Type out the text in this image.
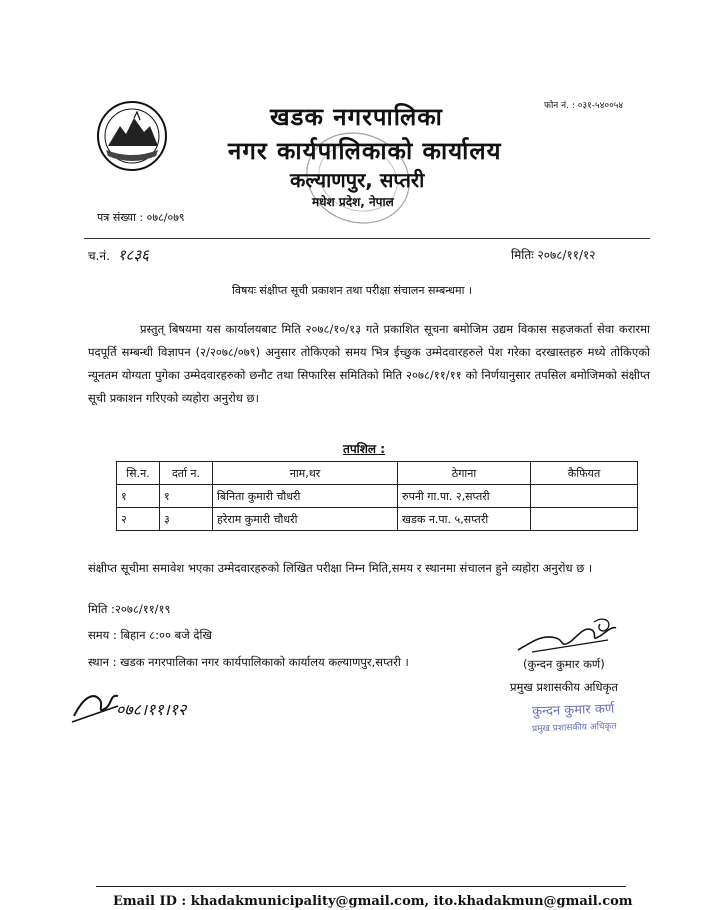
खडक नगरपालिका
नगर कार्यपालिकाको कार्यालय
कल्याणपुर, सप्तरी
मधेश प्रदेश, नेपाल
फोन नं. : ०३१-५४००५४
पत्र संख्या : ०७८/०७९
च.नं. १८३६	मितिः २०७८/११/१२
विषयः संक्षीप्त सूची प्रकाशन तथा परीक्षा संचालन सम्बन्धमा ।
प्रस्तुत् बिषयमा यस कार्यालयबाट मिति २०७८/१०/१३ गते प्रकाशित सूचना बमोजिम उद्यम विकास सहजकर्ता सेवा करारमा पदपूर्ति सम्बन्धी विज्ञापन (२/२०७८/०७९) अनुसार तोकिएको समय भित्र ईच्छुक उम्मेदवारहरुले पेश गरेका दरखास्तहरु मध्ये तोकिएको न्यूनतम योग्यता पुगेका उम्मेदवारहरुको छनौट तथा सिफारिस समितिको मिति २०७८/११/११ को निर्णयानुसार तपसिल बमोजिमको संक्षीप्त सूची प्रकाशन गरिएको व्यहोरा अनुरोध छ।
तपशिल :
सि.न.	दर्ता न.	नाम,थर	ठेगाना	कैफियत
१	१	बिनिता कुमारी चौधरी	रुपनी गा.पा. २,सप्तरी	
२	३	हरेराम कुमारी चौधरी	खडक न.पा. ५,सप्तरी	
संक्षीप्त सूचीमा समावेश भएका उम्मेदवारहरुको लिखित परीक्षा निम्न मिति,समय र स्थानमा संचालन हुने व्यहोरा अनुरोध छ ।
मिति :२०७८/११/१९
समय : बिहान ८:०० बजे देखि
स्थान : खडक नगरपालिका नगर कार्यपालिकाको कार्यालय कल्याणपुर,सप्तरी ।	(कुन्दन कुमार कर्ण)
प्रमुख प्रशासकीय अधिकृत
कुन्दन कुमार कर्ण
प्रमुख प्रशासकीय अधिकृत
०७८।११।१२
Email ID : khadakmunicipality@gmail.com, ito.khadakmun@gmail.com
